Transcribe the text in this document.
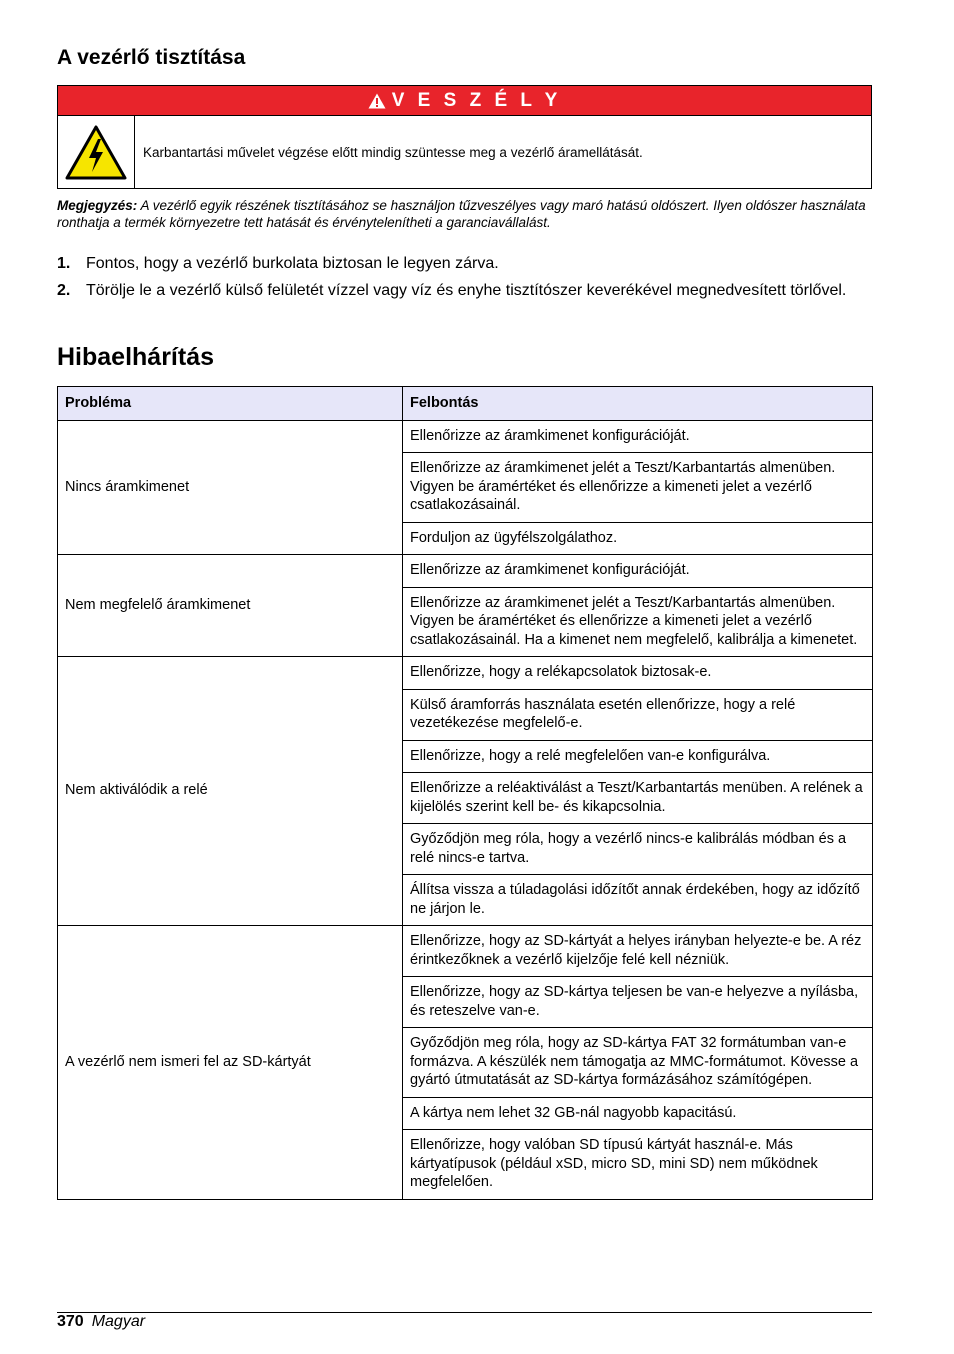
A vezérlő tisztítása
V E S Z É L Y
Karbantartási művelet végzése előtt mindig szüntesse meg a vezérlő áramellátását.
Megjegyzés: A vezérlő egyik részének tisztításához se használjon tűzveszélyes vagy maró hatású oldószert. Ilyen oldószer használata ronthatja a termék környezetre tett hatását és érvénytelenítheti a garanciavállalást.
1. Fontos, hogy a vezérlő burkolata biztosan le legyen zárva.
2. Törölje le a vezérlő külső felületét vízzel vagy víz és enyhe tisztítószer keverékével megnedvesített törlővel.
Hibaelhárítás
Probléma	Felbontás
Nincs áramkimenet	Ellenőrizze az áramkimenet konfigurációját.
	Ellenőrizze az áramkimenet jelét a Teszt/Karbantartás almenüben. Vigyen be áramértéket és ellenőrizze a kimeneti jelet a vezérlő csatlakozásainál.
	Forduljon az ügyfélszolgálathoz.
Nem megfelelő áramkimenet	Ellenőrizze az áramkimenet konfigurációját.
	Ellenőrizze az áramkimenet jelét a Teszt/Karbantartás almenüben. Vigyen be áramértéket és ellenőrizze a kimeneti jelet a vezérlő csatlakozásainál. Ha a kimenet nem megfelelő, kalibrálja a kimenetet.
Nem aktiválódik a relé	Ellenőrizze, hogy a relékapcsolatok biztosak-e.
	Külső áramforrás használata esetén ellenőrizze, hogy a relé vezetékezése megfelelő-e.
	Ellenőrizze, hogy a relé megfelelően van-e konfigurálva.
	Ellenőrizze a reléaktiválást a Teszt/Karbantartás menüben. A relének a kijelölés szerint kell be- és kikapcsolnia.
	Győződjön meg róla, hogy a vezérlő nincs-e kalibrálás módban és a relé nincs-e tartva.
	Állítsa vissza a túladagolási időzítőt annak érdekében, hogy az időzítő ne járjon le.
A vezérlő nem ismeri fel az SD-kártyát	Ellenőrizze, hogy az SD-kártyát a helyes irányban helyezte-e be. A réz érintkezőknek a vezérlő kijelzője felé kell nézniük.
	Ellenőrizze, hogy az SD-kártya teljesen be van-e helyezve a nyílásba, és reteszelve van-e.
	Győződjön meg róla, hogy az SD-kártya FAT 32 formátumban van-e formázva. A készülék nem támogatja az MMC-formátumot. Kövesse a gyártó útmutatását az SD-kártya formázásához számítógépen.
	A kártya nem lehet 32 GB-nál nagyobb kapacitású.
	Ellenőrizze, hogy valóban SD típusú kártyát használ-e. Más kártyatípusok (például xSD, micro SD, mini SD) nem működnek megfelelően.
370 Magyar
